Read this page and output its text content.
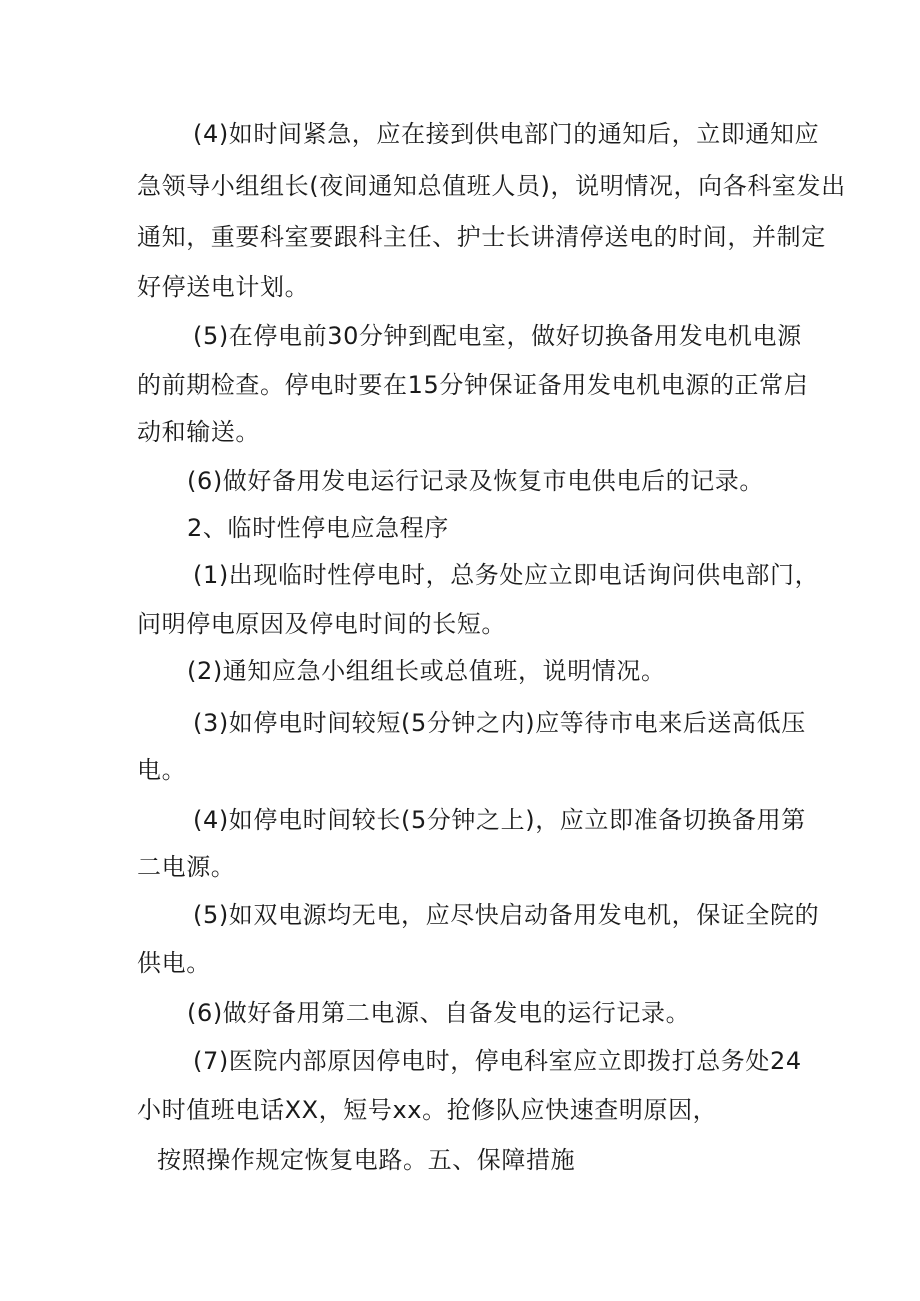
(4)如时间紧急，应在接到供电部门的通知后，立即通知应
急领导小组组长(夜间通知总值班人员)，说明情况，向各科室发出
通知，重要科室要跟科主任、护士长讲清停送电的时间，并制定
好停送电计划。
(5)在停电前30分钟到配电室，做好切换备用发电机电源
的前期检查。停电时要在15分钟保证备用发电机电源的正常启
动和输送。
(6)做好备用发电运行记录及恢复市电供电后的记录。
2、临时性停电应急程序
(1)出现临时性停电时，总务处应立即电话询问供电部门，
问明停电原因及停电时间的长短。
(2)通知应急小组组长或总值班，说明情况。
(3)如停电时间较短(5分钟之内)应等待市电来后送高低压
电。
(4)如停电时间较长(5分钟之上)，应立即准备切换备用第
二电源。
(5)如双电源均无电，应尽快启动备用发电机，保证全院的
供电。
(6)做好备用第二电源、自备发电的运行记录。
(7)医院内部原因停电时，停电科室应立即拨打总务处24
小时值班电话XX，短号xx。抢修队应快速查明原因，
按照操作规定恢复电路。五、保障措施
